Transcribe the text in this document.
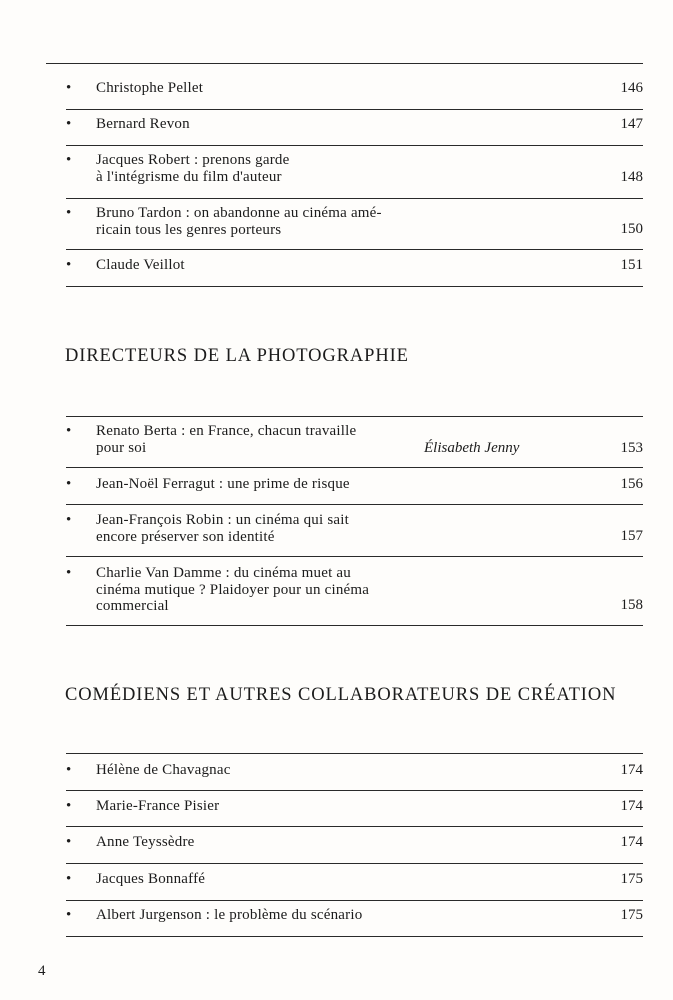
• Christophe Pellet	146
• Bernard Revon	147
• Jacques Robert : prenons garde
à l'intégrisme du film d'auteur	148
• Bruno Tardon : on abandonne au cinéma amé-
ricain tous les genres porteurs	150
• Claude Veillot	151
DIRECTEURS DE LA PHOTOGRAPHIE
• Renato Berta : en France, chacun travaille
pour soi	Élisabeth Jenny	153
• Jean-Noël Ferragut : une prime de risque	156
• Jean-François Robin : un cinéma qui sait
encore préserver son identité	157
• Charlie Van Damme : du cinéma muet au
cinéma mutique ? Plaidoyer pour un cinéma
commercial	158
COMÉDIENS ET AUTRES COLLABORATEURS DE CRÉATION
• Hélène de Chavagnac	174
• Marie-France Pisier	174
• Anne Teyssèdre	174
• Jacques Bonnaffé	175
• Albert Jurgenson : le problème du scénario	175
4
